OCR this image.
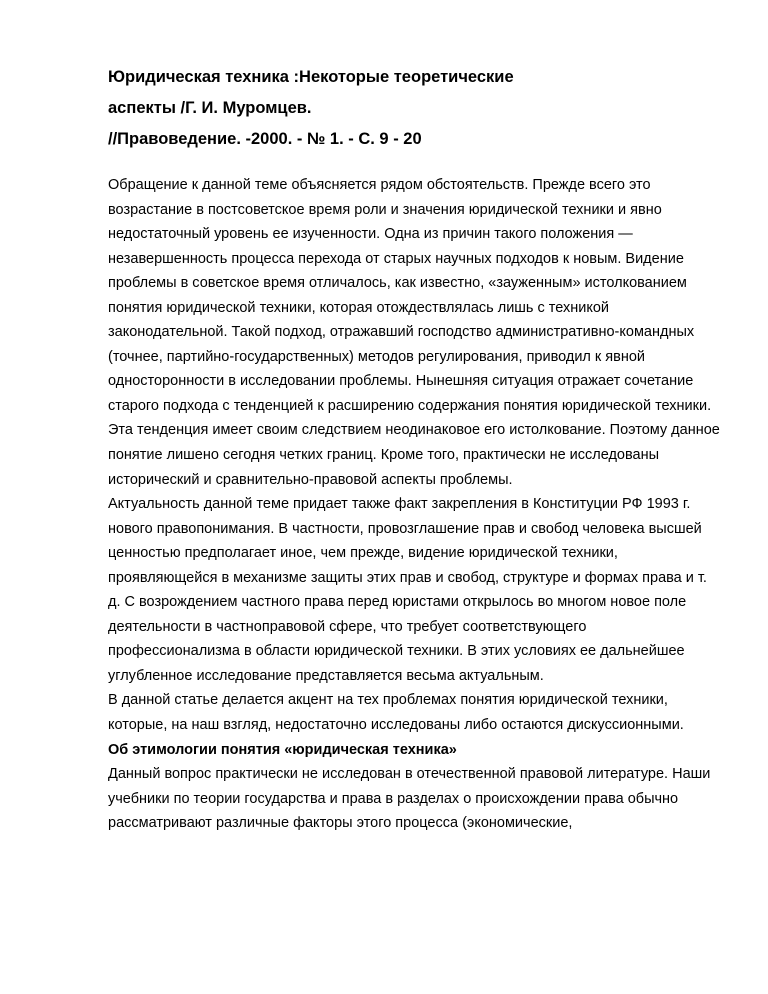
Юридическая техника :Некоторые теоретические
аспекты /Г. И. Муромцев.
//Правоведение. -2000. - № 1. - С. 9 - 20

Обращение к данной теме объясняется рядом обстоятельств. Прежде всего это возрастание в постсоветское время роли и значения юридической техники и явно недостаточный уровень ее изученности. Одна из причин такого положения — незавершенность процесса перехода от старых научных подходов к новым. Видение проблемы в советское время отличалось, как известно, «зауженным» истолкованием понятия юридической техники, которая отождествлялась лишь с техникой законодательной. Такой подход, отражавший господство административно-командных (точнее, партийно-государственных) методов регулирования, приводил к явной односторонности в исследовании проблемы. Нынешняя ситуация отражает сочетание старого подхода с тенденцией к расширению содержания понятия юридической техники. Эта тенденция имеет своим следствием неодинаковое его истолкование. Поэтому данное понятие лишено сегодня четких границ. Кроме того, практически не исследованы исторический и сравнительно-правовой аспекты проблемы.

Актуальность данной теме придает также факт закрепления в Конституции РФ 1993 г. нового правопонимания. В частности, провозглашение прав и свобод человека высшей ценностью предполагает иное, чем прежде, видение юридической техники, проявляющейся в механизме защиты этих прав и свобод, структуре и формах права и т. д. С возрождением частного права перед юристами открылось во многом новое поле деятельности в частноправовой сфере, что требует соответствующего профессионализма в области юридической техники. В этих условиях ее дальнейшее углубленное исследование представляется весьма актуальным.

В данной статье делается акцент на тех проблемах понятия юридической техники, которые, на наш взгляд, недостаточно исследованы либо остаются дискуссионными.

Об этимологии понятия «юридическая техника»

Данный вопрос практически не исследован в отечественной правовой литературе. Наши учебники по теории государства и права в разделах о происхождении права обычно рассматривают различные факторы этого процесса (экономические,
